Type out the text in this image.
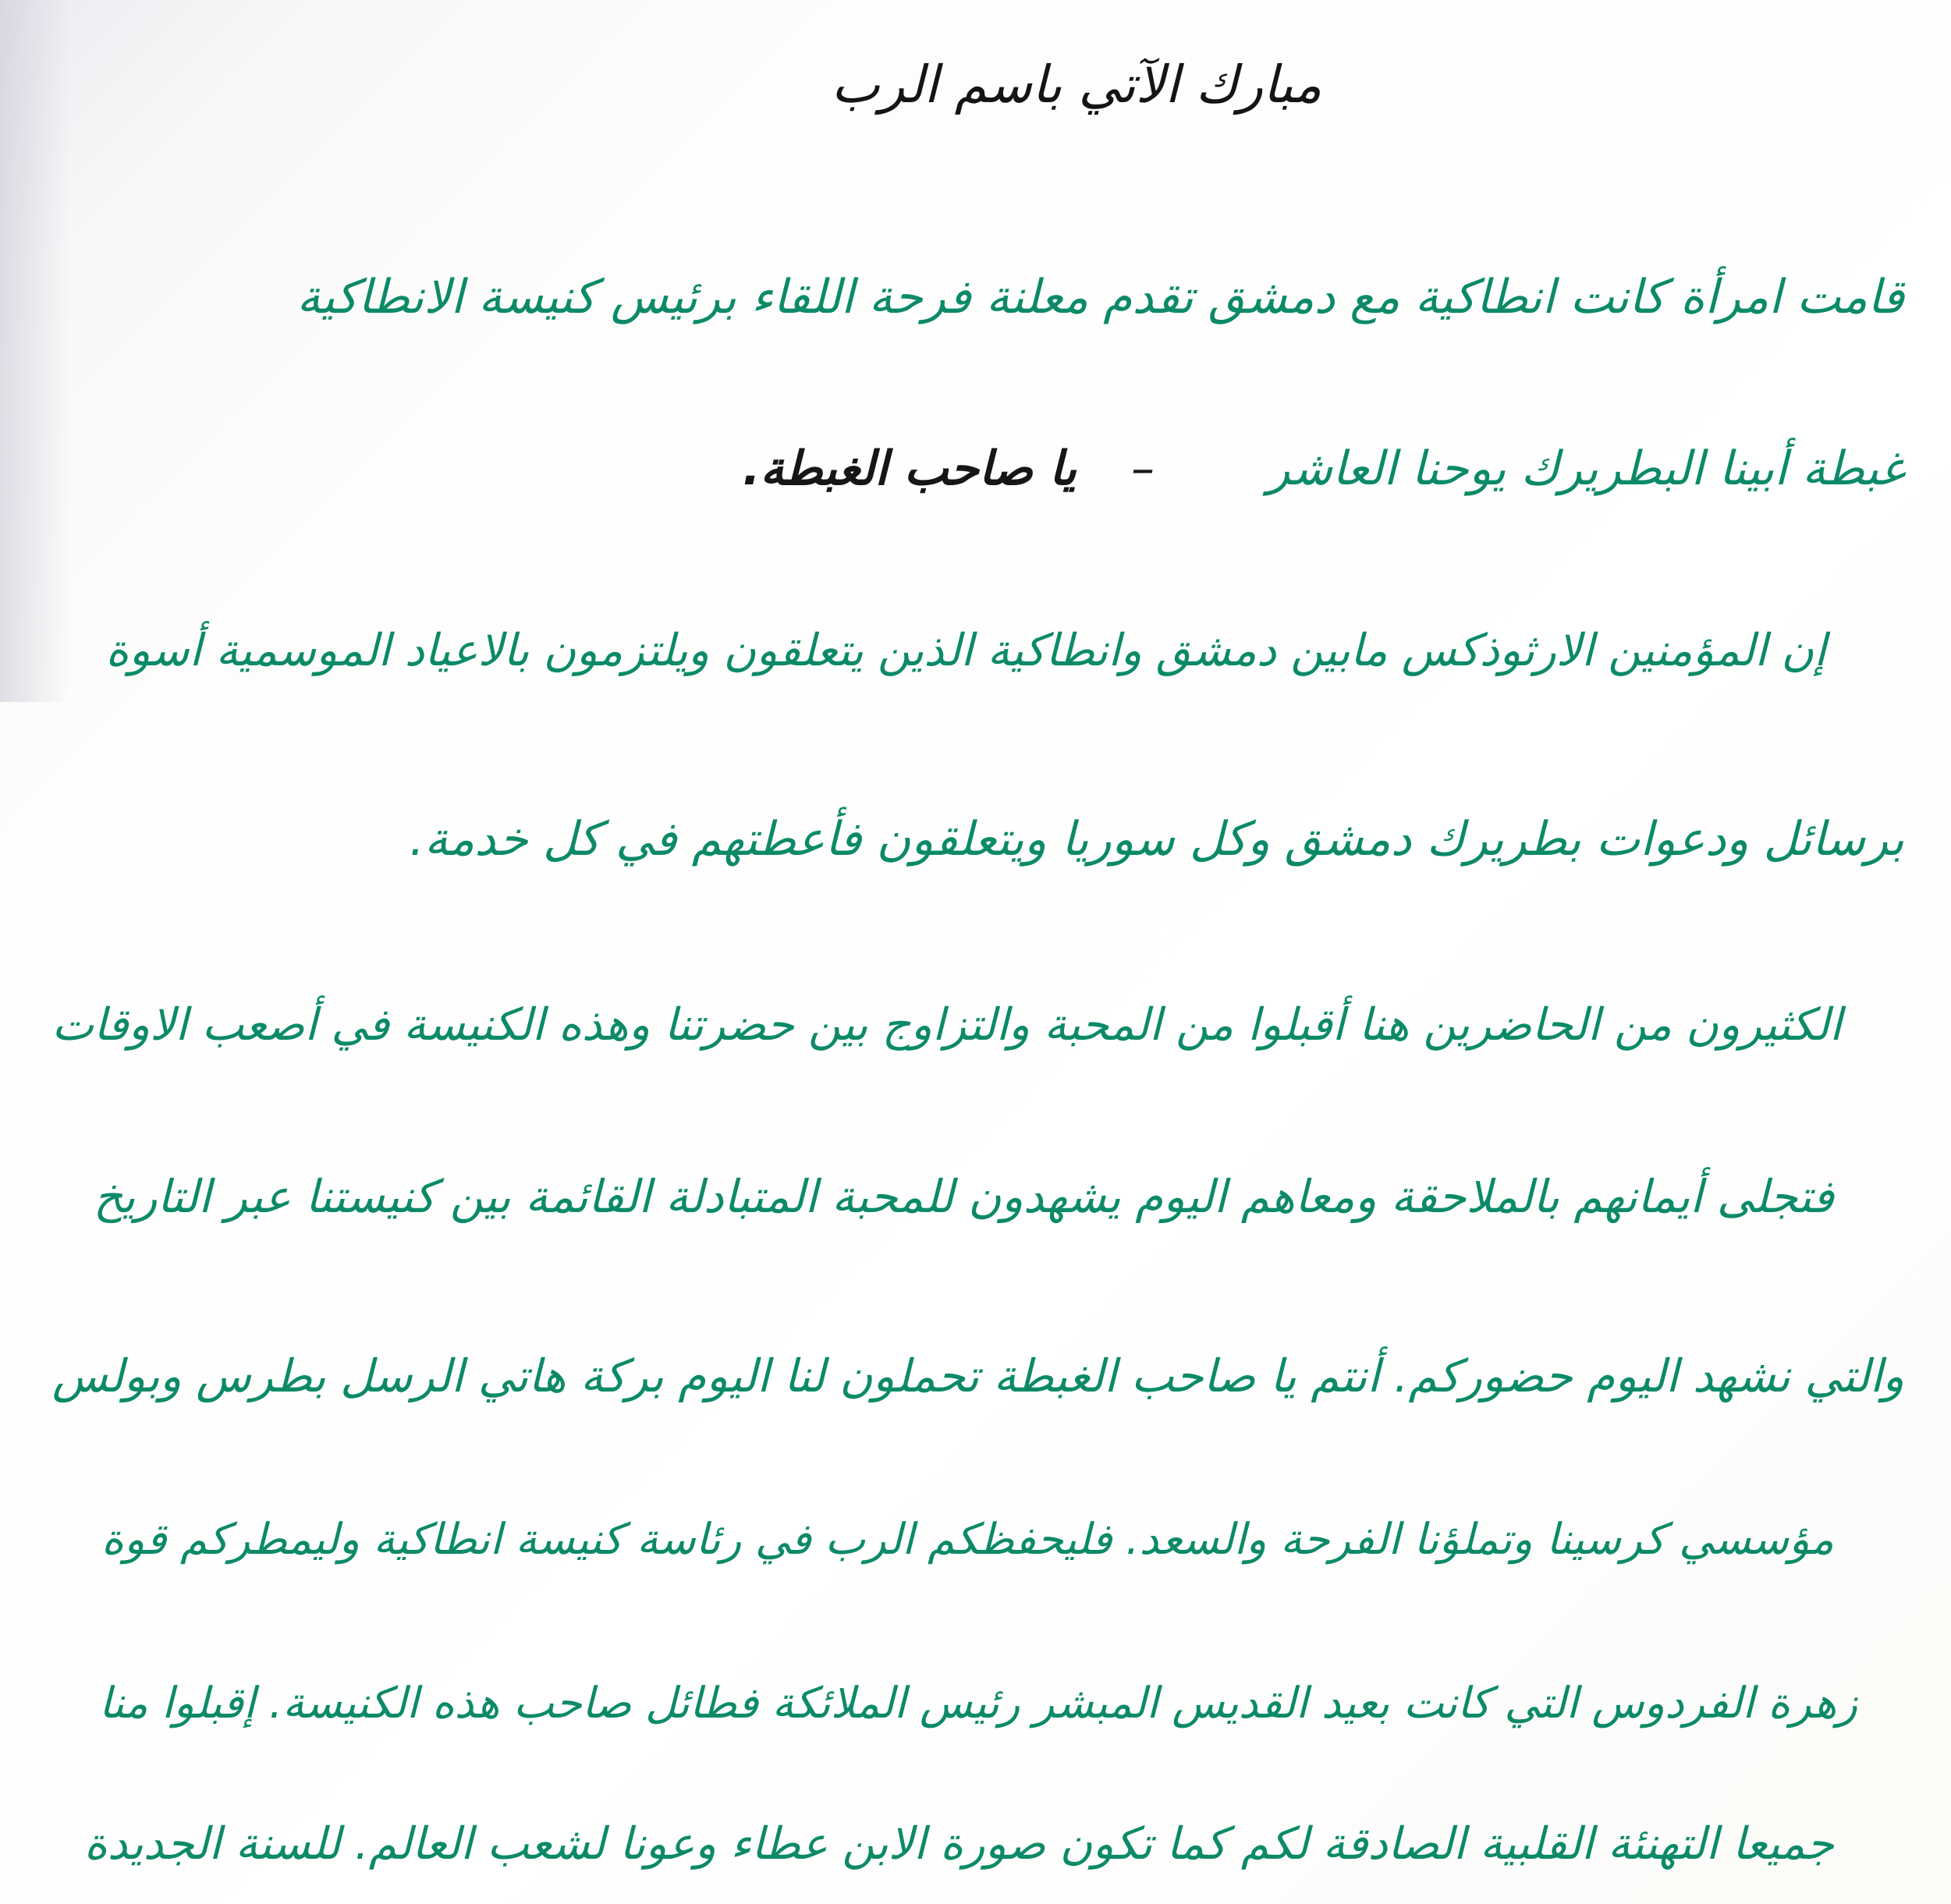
مبارك الآتي باسم الرب
قامت امرأة كانت انطاكية مع دمشق تقدم معلنة فرحة اللقاء برئيس كنيسة الانطاكية
غبطة أبينا البطريرك يوحنا العاشر
–
يا صاحب الغبطة.
إن المؤمنين الارثوذكس مابين دمشق وانطاكية الذين يتعلقون ويلتزمون بالاعياد الموسمية أسوة
برسائل ودعوات بطريرك دمشق وكل سوريا ويتعلقون فأعطتهم في كل خدمة.
الكثيرون من الحاضرين هنا أقبلوا من المحبة والتزاوج بين حضرتنا وهذه الكنيسة في أصعب الاوقات
فتجلى أيمانهم بالملاحقة ومعاهم اليوم يشهدون للمحبة المتبادلة القائمة بين كنيستنا عبر التاريخ
والتي نشهد اليوم حضوركم. أنتم يا صاحب الغبطة تحملون لنا اليوم بركة هاتي الرسل بطرس وبولس
مؤسسي كرسينا وتملؤنا الفرحة والسعد. فليحفظكم الرب في رئاسة كنيسة انطاكية وليمطركم قوة
زهرة الفردوس التي كانت بعيد القديس المبشر رئيس الملائكة فطائل صاحب هذه الكنيسة. إقبلوا منا
جميعا التهنئة القلبية الصادقة لكم كما تكون صورة الابن عطاء وعونا لشعب العالم. للسنة الجديدة
